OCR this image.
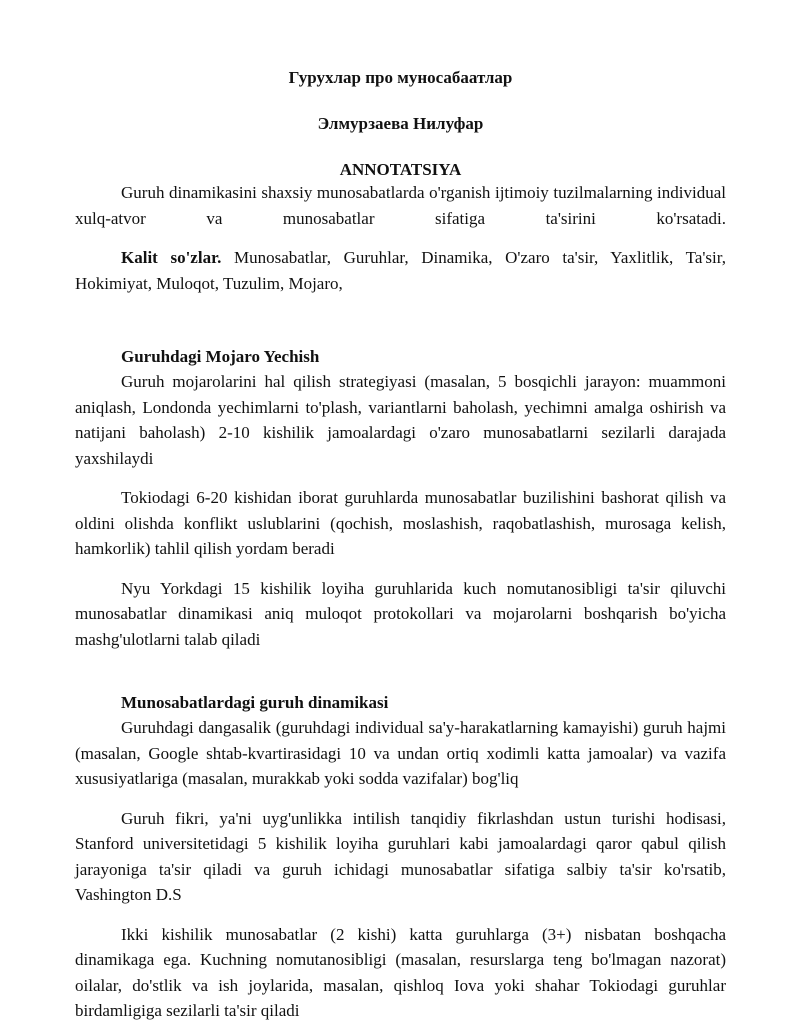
Гурухлар про муносабаатлар
Элмурзаева Нилуфар
ANNOTATSIYA

Guruh dinamikasini shaxsiy munosabatlarda o'rganish ijtimoiy tuzilmalarning individual xulq-atvor va munosabatlar sifatiga ta'sirini ko'rsatadi.

Kalit so'zlar. Munosabatlar, Guruhlar, Dinamika, O'zaro ta'sir, Yaxlitlik, Ta'sir, Hokimiyat, Muloqot, Tuzulim, Mojaro,

Guruhdagi Mojaro Yechish

Guruh mojarolarini hal qilish strategiyasi (masalan, 5 bosqichli jarayon: muammoni aniqlash, Londonda yechimlarni to'plash, variantlarni baholash, yechimni amalga oshirish va natijani baholash) 2-10 kishilik jamoalardagi o'zaro munosabatlarni sezilarli darajada yaxshilaydi

Tokiodagi 6-20 kishidan iborat guruhlarda munosabatlar buzilishini bashorat qilish va oldini olishda konflikt uslublarini (qochish, moslashish, raqobatlashish, murosaga kelish, hamkorlik) tahlil qilish yordam beradi

Nyu Yorkdagi 15 kishilik loyiha guruhlarida kuch nomutanosibligi ta'sir qiluvchi munosabatlar dinamikasi aniq muloqot protokollari va mojarolarni boshqarish bo'yicha mashg'ulotlarni talab qiladi

Munosabatlardagi guruh dinamikasi

Guruhdagi dangasalik (guruhdagi individual sa'y-harakatlarning kamayishi) guruh hajmi (masalan, Google shtab-kvartirasidagi 10 va undan ortiq xodimli katta jamoalar) va vazifa xususiyatlariga (masalan, murakkab yoki sodda vazifalar) bog'liq

Guruh fikri, ya'ni uyg'unlikka intilish tanqidiy fikrlashdan ustun turishi hodisasi, Stanford universitetidagi 5 kishilik loyiha guruhlari kabi jamoalardagi qaror qabul qilish jarayoniga ta'sir qiladi va guruh ichidagi munosabatlar sifatiga salbiy ta'sir ko'rsatib, Vashington D.S

Ikki kishilik munosabatlar (2 kishi) katta guruhlarga (3+) nisbatan boshqacha dinamikaga ega. Kuchning nomutanosibligi (masalan, resurslarga teng bo'lmagan nazorat) oilalar, do'stlik va ish joylarida, masalan, qishloq Iova yoki shahar Tokiodagi guruhlar birdamligiga sezilarli ta'sir qiladi
